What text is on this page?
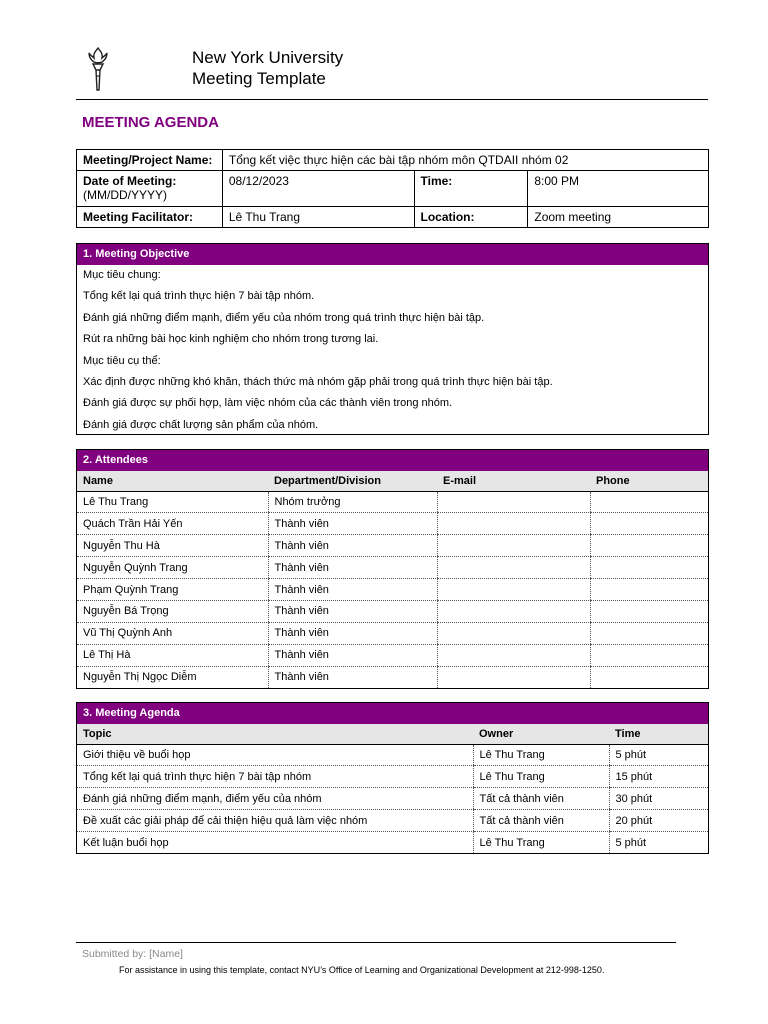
New York University
Meeting Template
MEETING AGENDA
Meeting/Project Name:	Tổng kết việc thực hiện các bài tập nhóm môn QTDAII nhóm 02		

Date of Meeting:
(MM/DD/YYYY)	08/12/2023	Time:	8:00 PM
Meeting Facilitator:	Lê Thu Trang	Location:	Zoom meeting
1. Meeting Objective
Mục tiêu chung:
Tổng kết lại quá trình thực hiện 7 bài tập nhóm.
Đánh giá những điểm mạnh, điểm yếu của nhóm trong quá trình thực hiện bài tập.
Rút ra những bài học kinh nghiệm cho nhóm trong tương lai.
Mục tiêu cụ thể:
Xác định được những khó khăn, thách thức mà nhóm gặp phải trong quá trình thực hiện bài tập.
Đánh giá được sự phối hợp, làm việc nhóm của các thành viên trong nhóm.
Đánh giá được chất lượng sản phẩm của nhóm.
2. Attendees
Name	Department/Division	E-mail	Phone
Lê Thu Trang	Nhóm trưởng		
Quách Trần Hải Yến	Thành viên		
Nguyễn Thu Hà	Thành viên		
Nguyễn Quỳnh Trang	Thành viên		
Phạm Quỳnh Trang	Thành viên		
Nguyễn Bá Trọng	Thành viên		
Vũ Thị Quỳnh Anh	Thành viên		
Lê Thị Hà	Thành viên		
Nguyễn Thị Ngọc Diễm	Thành viên		
3. Meeting Agenda
Topic	Owner	Time
Giới thiệu về buổi họp	Lê Thu Trang	5 phút
Tổng kết lại quá trình thực hiện 7 bài tập nhóm	Lê Thu Trang	15 phút
Đánh giá những điểm mạnh, điểm yếu của nhóm	Tất cả thành viên	30 phút
Đề xuất các giải pháp để cải thiện hiệu quả làm việc nhóm	Tất cả thành viên	20 phút
Kết luận buổi họp	Lê Thu Trang	5 phút
Submitted by: [Name]
For assistance in using this template, contact NYU’s Office of Learning and Organizational Development at 212-998-1250.
